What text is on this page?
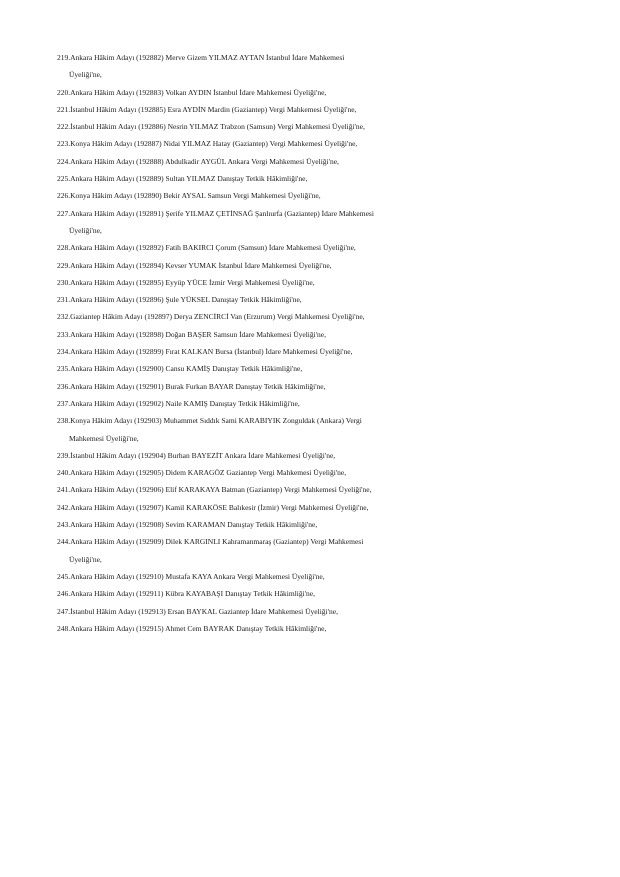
219.Ankara Hâkim Adayı (192882) Merve Gizem YILMAZ AYTAN İstanbul İdare Mahkemesi
Üyeliği'ne,
220.Ankara Hâkim Adayı (192883) Volkan AYDIN İstanbul İdare Mahkemesi Üyeliği'ne,
221.İstanbul Hâkim Adayı (192885) Esra AYDİN Mardin (Gaziantep) Vergi Mahkemesi Üyeliği'ne,
222.İstanbul Hâkim Adayı (192886) Nesrin YILMAZ Trabzon (Samsun) Vergi Mahkemesi Üyeliği'ne,
223.Konya Hâkim Adayı (192887) Nidai YILMAZ Hatay (Gaziantep) Vergi Mahkemesi Üyeliği'ne,
224.Ankara Hâkim Adayı (192888) Abdulkadir AYGÜL Ankara Vergi Mahkemesi Üyeliği'ne,
225.Ankara Hâkim Adayı (192889) Sultan YILMAZ Danıştay Tetkik Hâkimliği'ne,
226.Konya Hâkim Adayı (192890) Bekir AYSAL Samsun Vergi Mahkemesi Üyeliği'ne,
227.Ankara Hâkim Adayı (192891) Şerife YILMAZ ÇETİNSAĞ Şanlıurfa (Gaziantep) İdare Mahkemesi
Üyeliği'ne,
228.Ankara Hâkim Adayı (192892) Fatih BAKIRCI Çorum (Samsun) İdare Mahkemesi Üyeliği'ne,
229.Ankara Hâkim Adayı (192894) Kevser YUMAK İstanbul İdare Mahkemesi Üyeliği'ne,
230.Ankara Hâkim Adayı (192895) Eyyüp YÜCE İzmir Vergi Mahkemesi Üyeliği'ne,
231.Ankara Hâkim Adayı (192896) Şule YÜKSEL Danıştay Tetkik Hâkimliği'ne,
232.Gaziantep Hâkim Adayı (192897) Derya ZENCİRCİ Van (Erzurum) Vergi Mahkemesi Üyeliği'ne,
233.Ankara Hâkim Adayı (192898) Doğan BAŞER Samsun İdare Mahkemesi Üyeliği'ne,
234.Ankara Hâkim Adayı (192899) Fırat KALKAN Bursa (İstanbul) İdare Mahkemesi Üyeliği'ne,
235.Ankara Hâkim Adayı (192900) Cansu KAMİŞ Danıştay Tetkik Hâkimliği'ne,
236.Ankara Hâkim Adayı (192901) Burak Furkan BAYAR Danıştay Tetkik Hâkimliği'ne,
237.Ankara Hâkim Adayı (192902) Naile KAMIŞ Danıştay Tetkik Hâkimliği'ne,
238.Konya Hâkim Adayı (192903) Muhammet Sıddık Sami KARABIYIK Zonguldak (Ankara) Vergi
Mahkemesi Üyeliği'ne,
239.İstanbul Hâkim Adayı (192904) Burhan BAYEZİT Ankara İdare Mahkemesi Üyeliği'ne,
240.Ankara Hâkim Adayı (192905) Didem KARAGÖZ Gaziantep Vergi Mahkemesi Üyeliği'ne,
241.Ankara Hâkim Adayı (192906) Elif KARAKAYA Batman (Gaziantep) Vergi Mahkemesi Üyeliği'ne,
242.Ankara Hâkim Adayı (192907) Kamil KARAKÖSE Balıkesir (İzmir) Vergi Mahkemesi Üyeliği'ne,
243.Ankara Hâkim Adayı (192908) Sevim KARAMAN Danıştay Tetkik Hâkimliği'ne,
244.Ankara Hâkim Adayı (192909) Dilek KARGINLI Kahramanmaraş (Gaziantep) Vergi Mahkemesi
Üyeliği'ne,
245.Ankara Hâkim Adayı (192910) Mustafa KAYA Ankara Vergi Mahkemesi Üyeliği'ne,
246.Ankara Hâkim Adayı (192911) Kübra KAYABAŞI Danıştay Tetkik Hâkimliği'ne,
247.İstanbul Hâkim Adayı (192913) Ersan BAYKAL Gaziantep İdare Mahkemesi Üyeliği'ne,
248.Ankara Hâkim Adayı (192915) Ahmet Cem BAYRAK Danıştay Tetkik Hâkimliği'ne,
